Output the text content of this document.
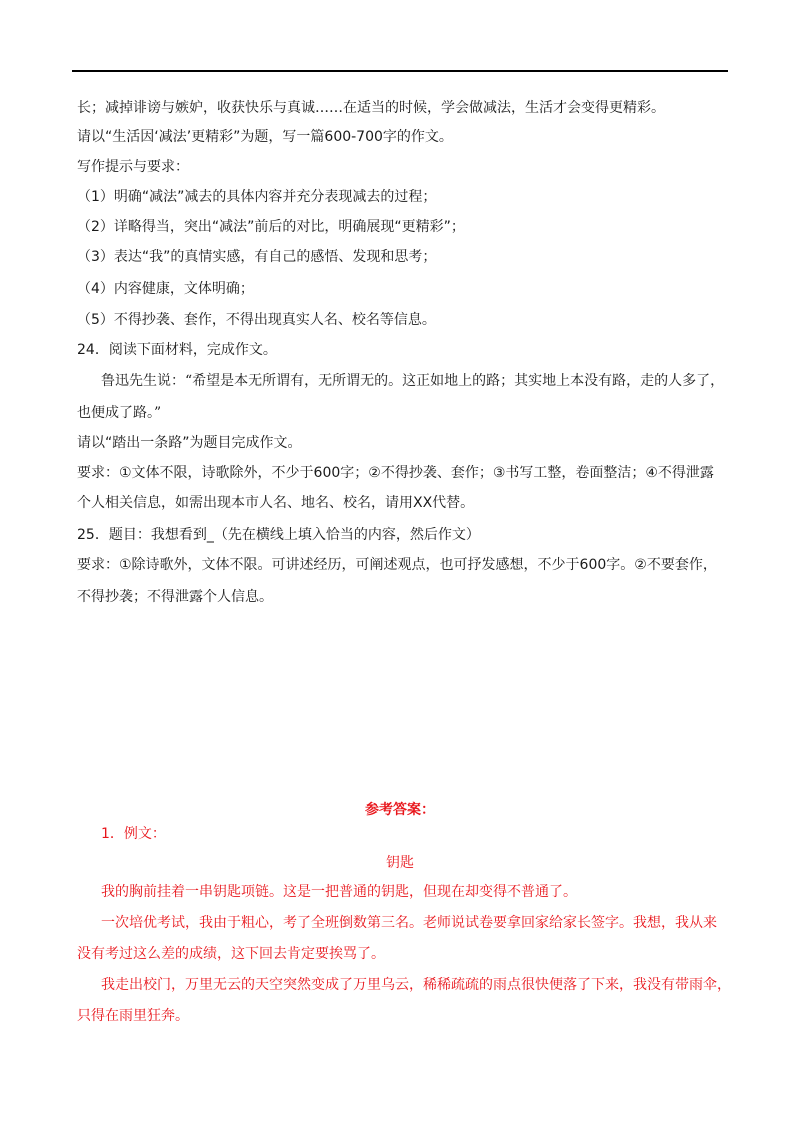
长；减掉诽谤与嫉妒，收获快乐与真诚……在适当的时候，学会做减法，生活才会变得更精彩。
请以“生活因‘减法’更精彩”为题，写一篇600-700字的作文。
写作提示与要求：
（1）明确“减法”减去的具体内容并充分表现减去的过程；
（2）详略得当，突出“减法”前后的对比，明确展现“更精彩”；
（3）表达“我”的真情实感，有自己的感悟、发现和思考；
（4）内容健康，文体明确；
（5）不得抄袭、套作，不得出现真实人名、校名等信息。
24．阅读下面材料，完成作文。
鲁迅先生说：“希望是本无所谓有，无所谓无的。这正如地上的路；其实地上本没有路，走的人多了，
也便成了路。”
请以“踏出一条路”为题目完成作文。
要求：①文体不限，诗歌除外，不少于600字；②不得抄袭、套作；③书写工整，卷面整洁；④不得泄露
个人相关信息，如需出现本市人名、地名、校名，请用XX代替。
25．题目：我想看到_（先在横线上填入恰当的内容，然后作文）
要求：①除诗歌外，文体不限。可讲述经历，可阐述观点，也可抒发感想，不少于600字。②不要套作，
不得抄袭；不得泄露个人信息。
参考答案：
1．例文：
钥匙
我的胸前挂着一串钥匙项链。这是一把普通的钥匙，但现在却变得不普通了。
一次培优考试，我由于粗心，考了全班倒数第三名。老师说试卷要拿回家给家长签字。我想，我从来
没有考过这么差的成绩，这下回去肯定要挨骂了。
我走出校门，万里无云的天空突然变成了万里乌云，稀稀疏疏的雨点很快便落了下来，我没有带雨伞，
只得在雨里狂奔。
